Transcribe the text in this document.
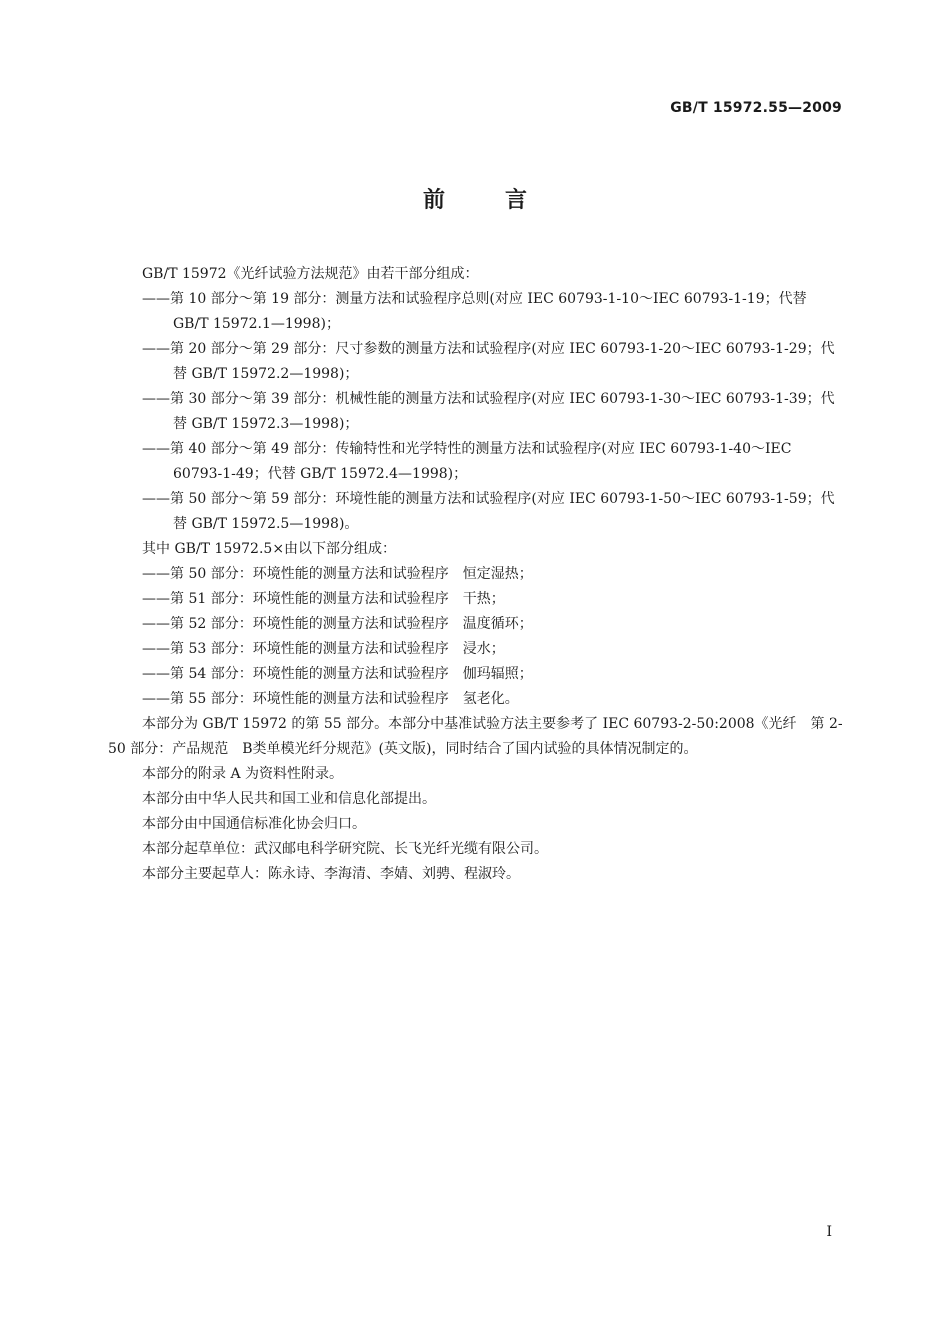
GB/T 15972.55—2009
前	言

GB/T 15972《光纤试验方法规范》由若干部分组成：

——第 10 部分～第 19 部分：测量方法和试验程序总则(对应 IEC 60793-1-10～IEC 60793-1-19；代替 GB/T 15972.1—1998)；

——第 20 部分～第 29 部分：尺寸参数的测量方法和试验程序(对应 IEC 60793-1-20～IEC 60793-1-29；代替 GB/T 15972.2—1998)；

——第 30 部分～第 39 部分：机械性能的测量方法和试验程序(对应 IEC 60793-1-30～IEC 60793-1-39；代替 GB/T 15972.3—1998)；

——第 40 部分～第 49 部分：传输特性和光学特性的测量方法和试验程序(对应 IEC 60793-1-40～IEC 60793-1-49；代替 GB/T 15972.4—1998)；

——第 50 部分～第 59 部分：环境性能的测量方法和试验程序(对应 IEC 60793-1-50～IEC 60793-1-59；代替 GB/T 15972.5—1998)。

其中 GB/T 15972.5×由以下部分组成：

——第 50 部分：环境性能的测量方法和试验程序　恒定湿热；

——第 51 部分：环境性能的测量方法和试验程序　干热；

——第 52 部分：环境性能的测量方法和试验程序　温度循环；

——第 53 部分：环境性能的测量方法和试验程序　浸水；

——第 54 部分：环境性能的测量方法和试验程序　伽玛辐照；

——第 55 部分：环境性能的测量方法和试验程序　氢老化。

本部分为 GB/T 15972 的第 55 部分。本部分中基准试验方法主要参考了 IEC 60793-2-50:2008《光纤　第 2-50 部分：产品规范　B类单模光纤分规范》(英文版)，同时结合了国内试验的具体情况制定的。

本部分的附录 A 为资料性附录。

本部分由中华人民共和国工业和信息化部提出。

本部分由中国通信标准化协会归口。

本部分起草单位：武汉邮电科学研究院、长飞光纤光缆有限公司。

本部分主要起草人：陈永诗、李海清、李婧、刘骋、程淑玲。

I
